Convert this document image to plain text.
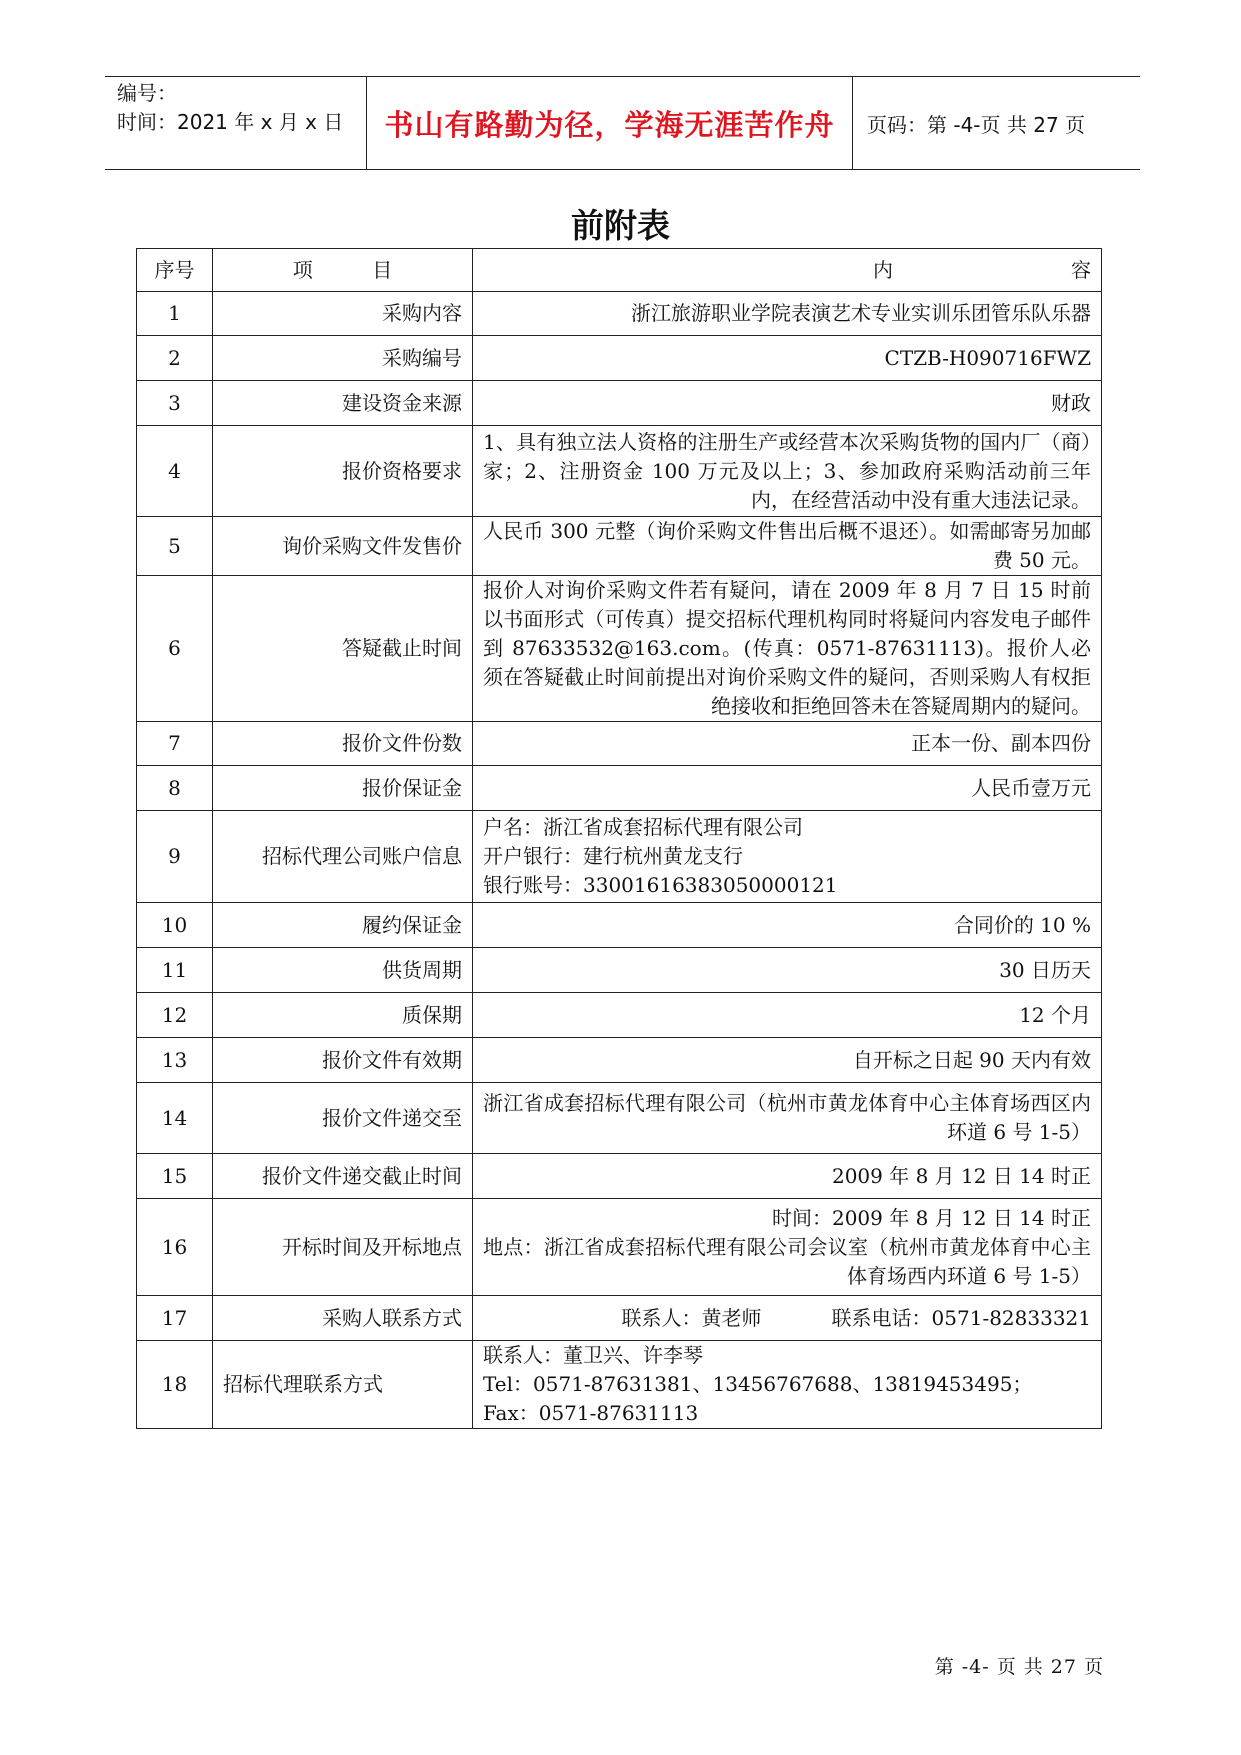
编号：
时间：2021 年 x 月 x 日	书山有路勤为径，学海无涯苦作舟	页码：第 -4-页 共 27 页
前附表
序号	项 目	内 容

1	采购内容	浙江旅游职业学院表演艺术专业实训乐团管乐队乐器
2	采购编号	CTZB-H090716FWZ
3	建设资金来源	财政
4	报价资格要求	1、具有独立法人资格的注册生产或经营本次采购货物的国内厂（商）家；2、注册资金 100 万元及以上；3、参加政府采购活动前三年内，在经营活动中没有重大违法记录。
5	询价采购文件发售价	人民币 300 元整（询价采购文件售出后概不退还）。如需邮寄另加邮费 50 元。
6	答疑截止时间	报价人对询价采购文件若有疑问，请在 2009 年 8 月 7 日 15 时前以书面形式（可传真）提交招标代理机构同时将疑问内容发电子邮件到 87633532@163.com。(传真：0571-87631113)。报价人必须在答疑截止时间前提出对询价采购文件的疑问，否则采购人有权拒绝接收和拒绝回答未在答疑周期内的疑问。
7	报价文件份数	正本一份、副本四份
8	报价保证金	人民币壹万元
9	招标代理公司账户信息	户名：浙江省成套招标代理有限公司
开户银行：建行杭州黄龙支行
银行账号：33001616383050000121

10	履约保证金	合同价的 10 %
11	供货周期	30 日历天
12	质保期	12 个月
13	报价文件有效期	自开标之日起 90 天内有效
14	报价文件递交至	浙江省成套招标代理有限公司（杭州市黄龙体育中心主体育场西区内环道 6 号 1-5）
15	报价文件递交截止时间	2009 年 8 月 12 日 14 时正
16	开标时间及开标地点	时间：2009 年 8 月 12 日 14 时正
地点：浙江省成套招标代理有限公司会议室（杭州市黄龙体育中心主体育场西内环道 6 号 1-5）

17	采购人联系方式	联系人：黄老师 联系电话：0571-82833321
18	招标代理联系方式	联系人：董卫兴、许李琴
Tel：0571-87631381、13456767688、13819453495；
Fax：0571-87631113
第 -4- 页 共 27 页
